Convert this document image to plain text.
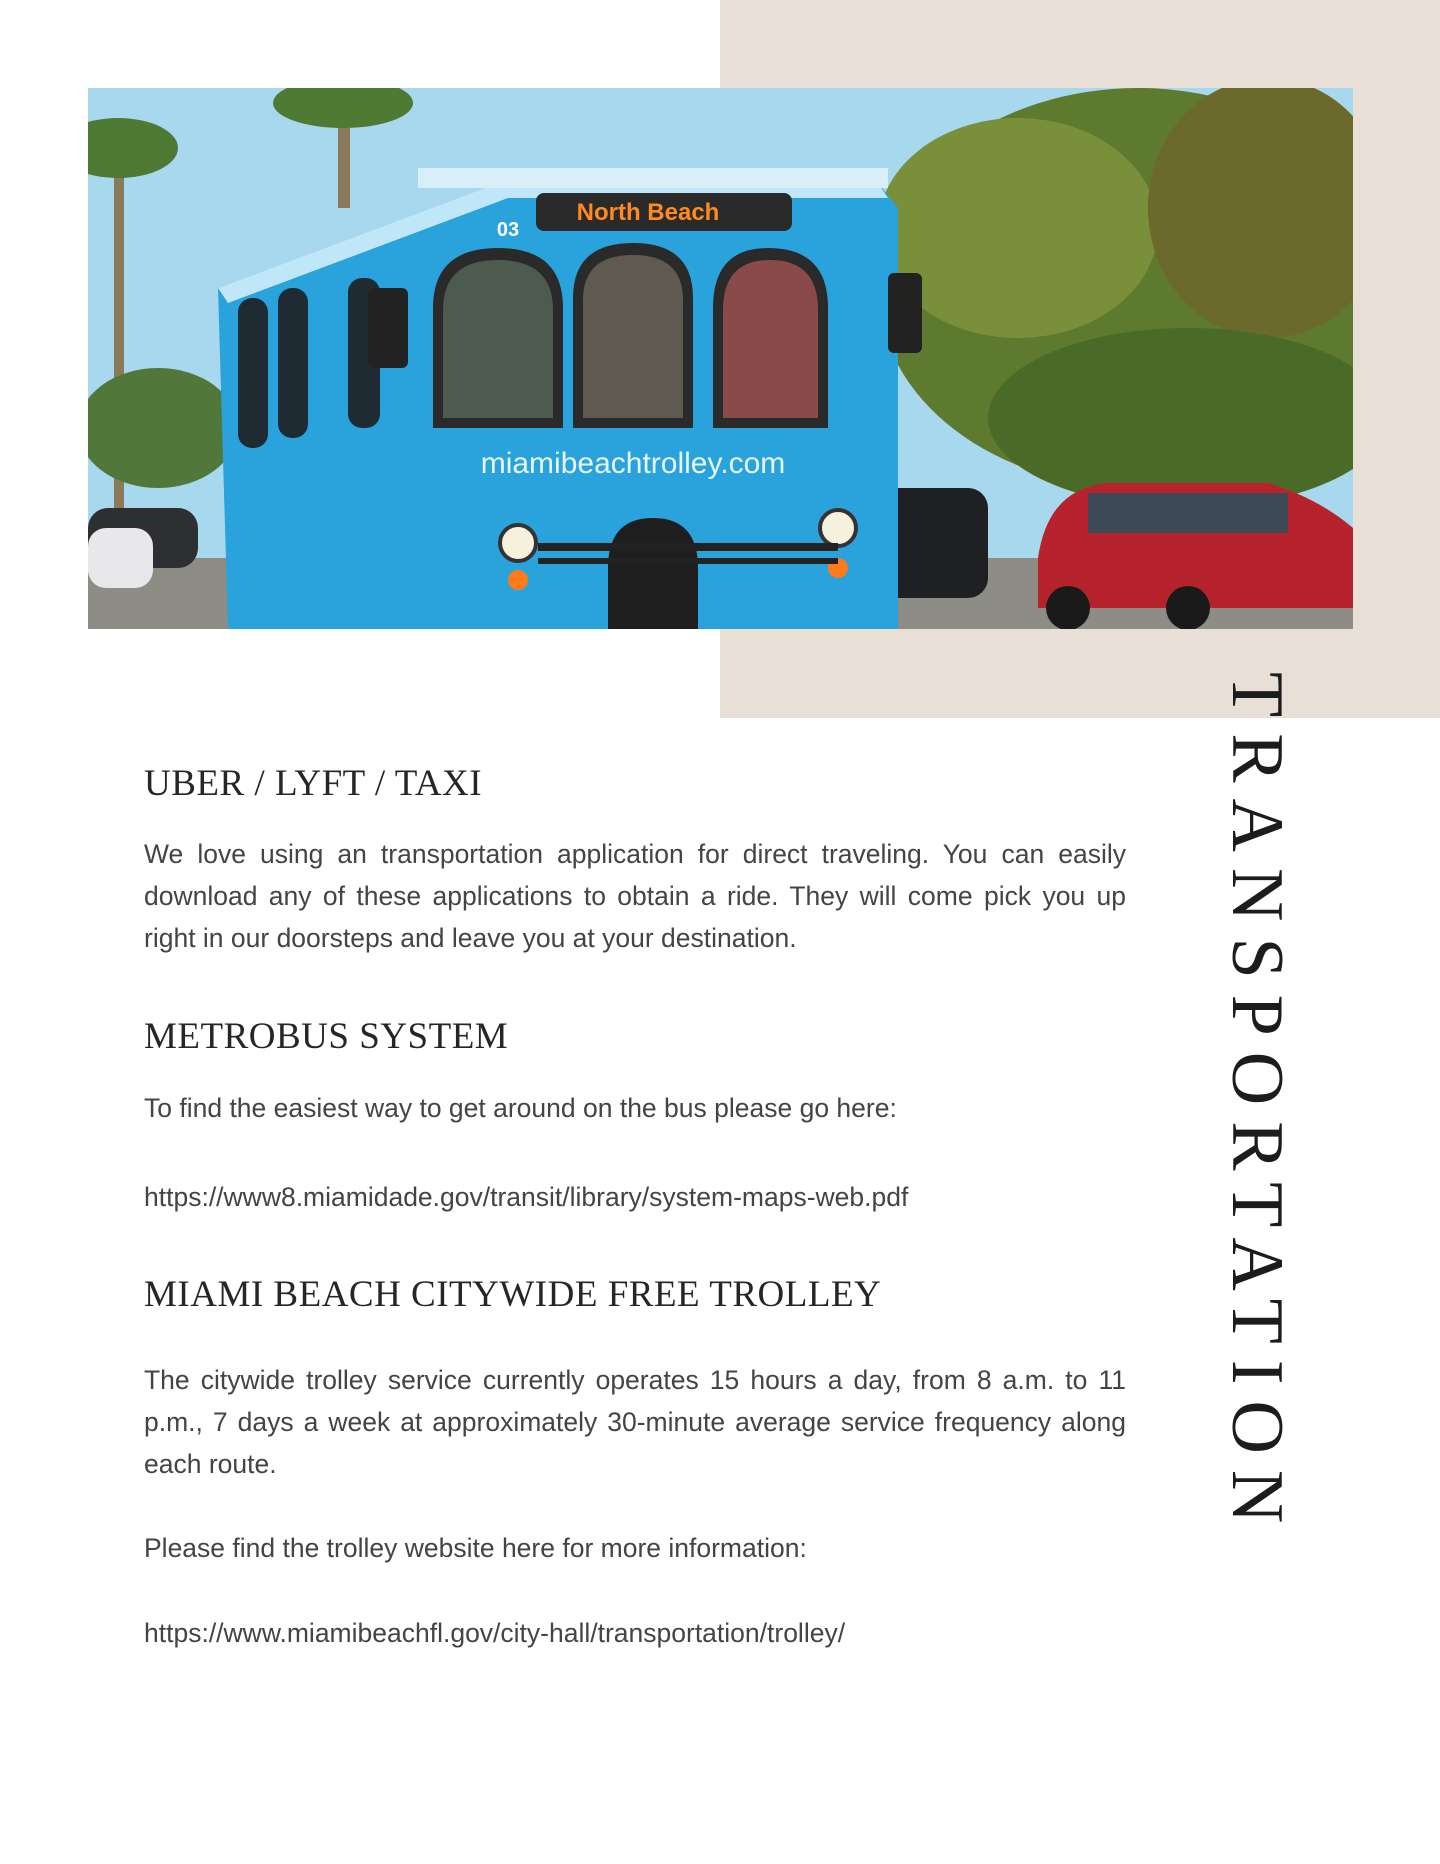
North Beach
03
miamibeachtrolley.com
TRANSPORTATION
UBER / LYFT / TAXI

We love using an transportation application for direct traveling. You can easily download any of these applications to obtain a ride. They will come pick you up right in our doorsteps and leave you at your destination.

METROBUS SYSTEM

To find the easiest way to get around on the bus please go here:

https://www8.miamidade.gov/transit/library/system-maps-web.pdf

MIAMI BEACH CITYWIDE FREE TROLLEY

The citywide trolley service currently operates 15 hours a day, from 8 a.m. to 11 p.m., 7 days a week at approximately 30-minute average service frequency along each route.

Please find the trolley website here for more information:

https://www.miamibeachfl.gov/city-hall/transportation/trolley/
